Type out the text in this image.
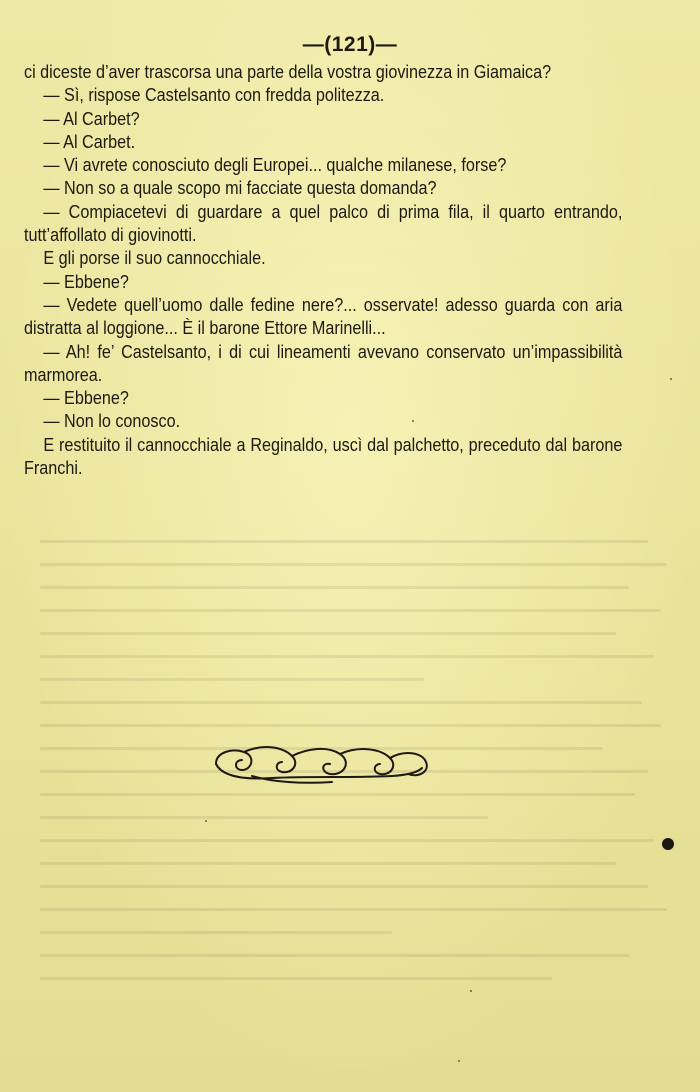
—(121)—

ci diceste d’aver trascorsa una parte della vostra giovinezza in Giamaica?

— Sì, rispose Castelsanto con fredda politezza.

— Al Carbet?

— Al Carbet.

— Vi avrete conosciuto degli Europei... qualche milanese, forse?

— Non so a quale scopo mi facciate questa domanda?

— Compiacetevi di guardare a quel palco di prima fila, il quarto entrando, tutt’affollato di giovinotti.

E gli porse il suo cannocchiale.

— Ebbene?

— Vedete quell’uomo dalle fedine nere?... osservate! adesso guarda con aria distratta al loggione... È il barone Ettore Marinelli...

— Ah! fe’ Castelsanto, i di cui lineamenti avevano conservato un’impassibilità marmorea.

— Ebbene?

— Non lo conosco.

E restituito il cannocchiale a Reginaldo, uscì dal palchetto, preceduto dal barone Franchi.
